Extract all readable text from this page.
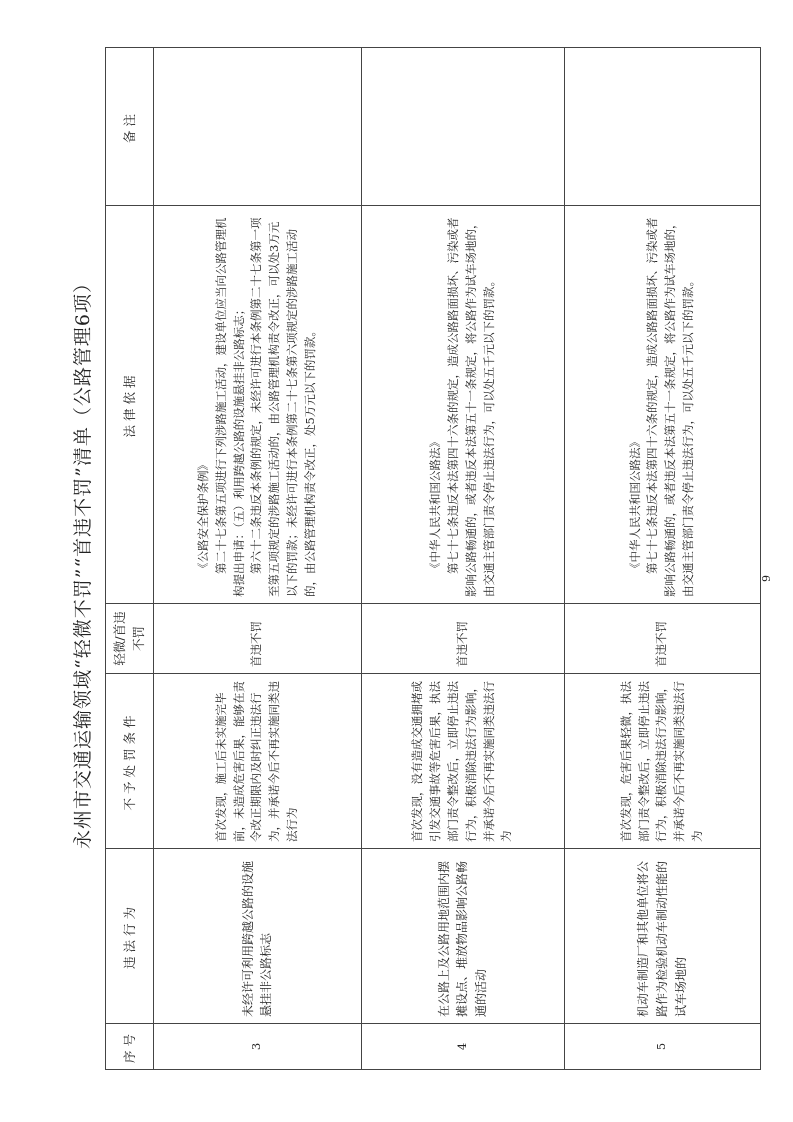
永州市交通运输领域“轻微不罚”“首违不罚”清单（公路管理6项）
序号	违法行为	不予处罚条件	轻微/首违不罚	法律依据	备注
3	未经许可利用跨越公路的设施悬挂非公路标志	首次发现，施工后未实施完毕前，未造成危害后果，能够在责令改正期限内及时纠正违法行为，并承诺今后不再实施同类违法行为	首违不罚	《公路安全保护条例》 第二十七条第五项进行下列涉路施工活动，建设单位应当向公路管理机构提出申请：（五）利用跨越公路的设施悬挂非公路标志； 第六十二条违反本条例的规定，未经许可进行本条例第二十七条第一项至第五项规定的涉路施工活动的，由公路管理机构责令改正，可以处3万元以下的罚款；未经许可进行本条例第二十七条第六项规定的涉路施工活动的，由公路管理机构责令改正，处5万元以下的罚款。	

4	在公路上及公路用地范围内摆摊设点、堆放物品影响公路畅通的活动	首次发现，没有造成交通拥堵或引发交通事故等危害后果，执法部门责令整改后，立即停止违法行为，积极消除违法行为影响，并承诺今后不再实施同类违法行为	首违不罚	《中华人民共和国公路法》 第七十七条违反本法第四十六条的规定，造成公路路面损坏、污染或者影响公路畅通的，或者违反本法第五十一条规定，将公路作为试车场地的，由交通主管部门责令停止违法行为，可以处五千元以下的罚款。	

5	机动车制造厂和其他单位将公路作为检验机动车制动性能的试车场地的	首次发现，危害后果轻微，执法部门责令整改后，立即停止违法行为，积极消除违法行为影响，并承诺今后不再实施同类违法行为	首违不罚	《中华人民共和国公路法》 第七十七条违反本法第四十六条的规定，造成公路路面损坏、污染或者影响公路畅通的，或者违反本法第五十一条规定，将公路作为试车场地的，由交通主管部门责令停止违法行为，可以处五千元以下的罚款。	

		9
